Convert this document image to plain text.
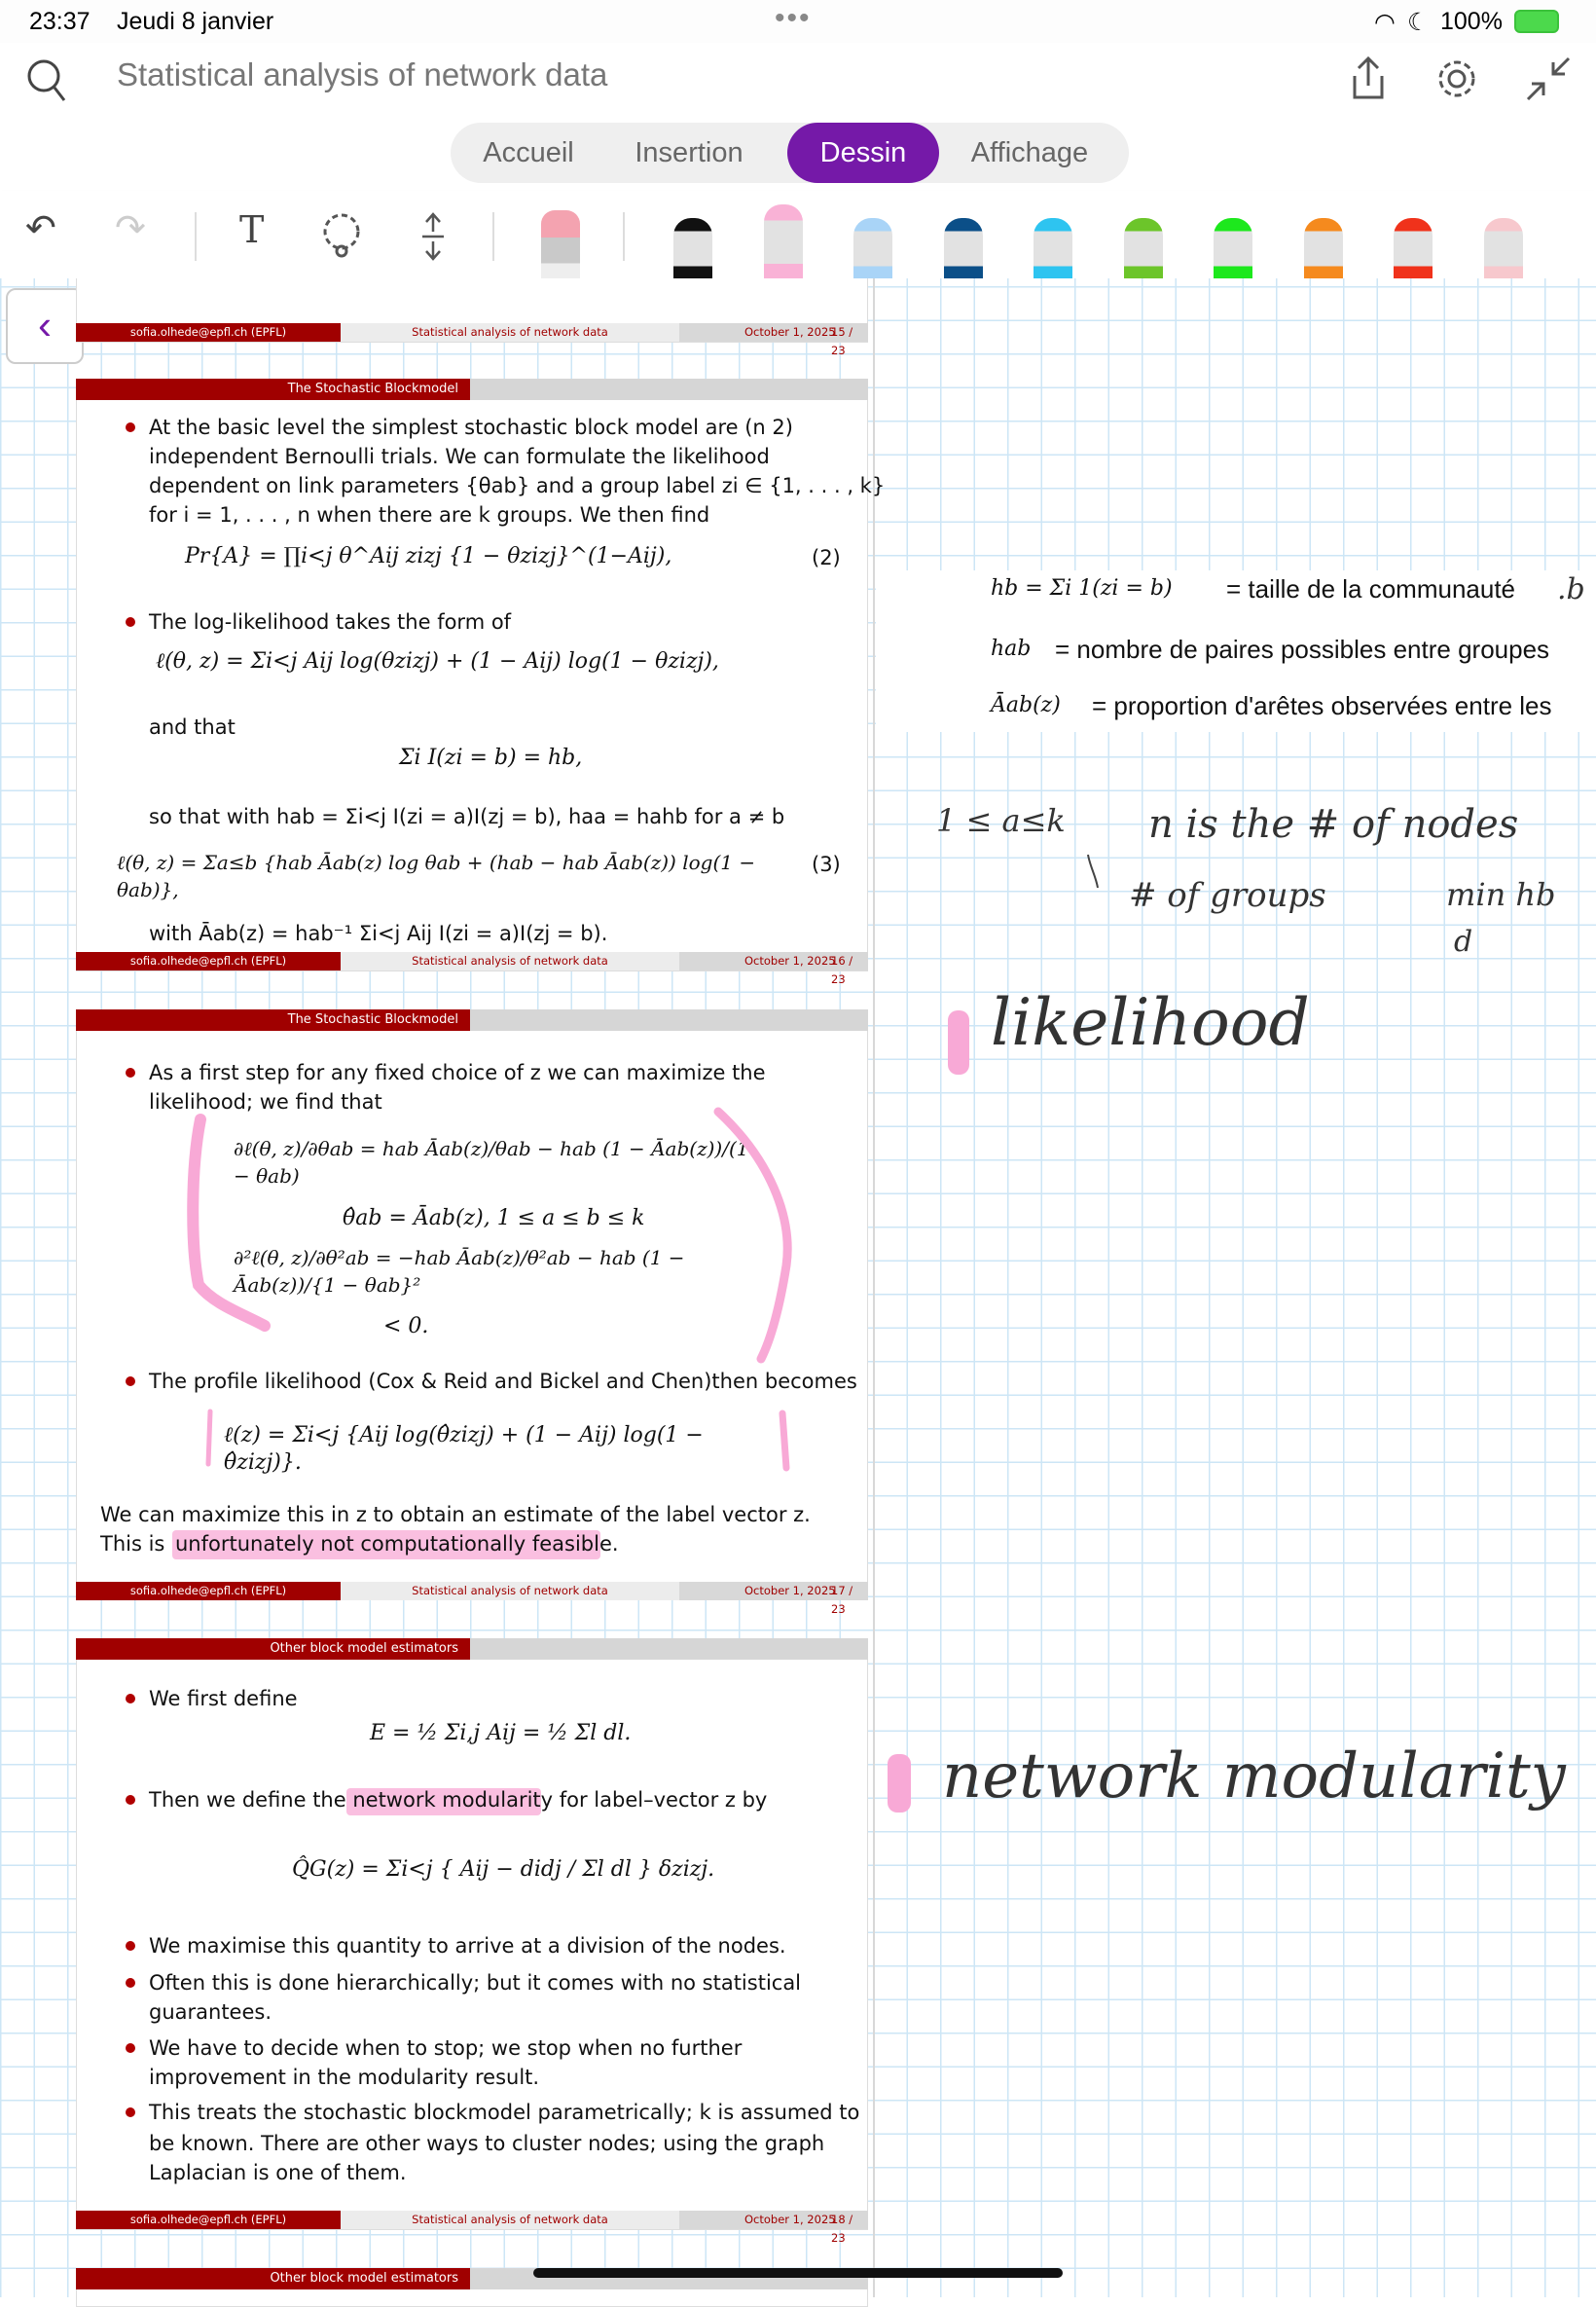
23:37 Jeudi 8 janvier	•••	◠ ☾ 100%
Statistical analysis of network data
Accueil	Insertion	Dessin	Affichage
↶ ↷	T
‹	sofia.olhede@epfl.ch (EPFL)	Statistical analysis of network data	October 1, 2025
15 / 23
The Stochastic Blockmodel
At the basic level the simplest stochastic block model are (n 2)
independent Bernoulli trials. We can formulate the likelihood
dependent on link parameters {θab} and a group label zi ∈ {1, . . . , k}
for i = 1, . . . , n when there are k groups. We then find
Pr{A} = ∏i<j θ^Aij zizj {1 − θzizj}^(1−Aij),	(2)
The log-likelihood takes the form of
ℓ(θ, z) = Σi<j Aij log(θzizj) + (1 − Aij) log(1 − θzizj),
and that
Σi I(zi = b) = hb,
so that with hab = Σi<j I(zi = a)I(zj = b), haa = hahb for a ≠ b
ℓ(θ, z) = Σa≤b {hab Āab(z) log θab + (hab − hab Āab(z)) log(1 − θab)},
(3)
with Āab(z) = hab⁻¹ Σi<j Aij I(zi = a)I(zj = b).
sofia.olhede@epfl.ch (EPFL)	Statistical analysis of network data	October 1, 2025
16 / 23
The Stochastic Blockmodel
As a first step for any fixed choice of z we can maximize the
likelihood; we find that
∂ℓ(θ, z)/∂θab = hab Āab(z)/θab − hab (1 − Āab(z))/(1 − θab)
θ̂ab = Āab(z), 1 ≤ a ≤ b ≤ k
∂²ℓ(θ, z)/∂θ²ab = −hab Āab(z)/θ²ab − hab (1 − Āab(z))/{1 − θab}²
< 0.
The profile likelihood (Cox & Reid and Bickel and Chen)then becomes
ℓ(z) = Σi<j {Aij log(θ̂zizj) + (1 − Aij) log(1 − θ̂zizj)}.
We can maximize this in z to obtain an estimate of the label vector z.
This is unfortunately not computationally feasible.
sofia.olhede@epfl.ch (EPFL)	Statistical analysis of network data	October 1, 2025
17 / 23
Other block model estimators
We first define
E = ½ Σi,j Aij = ½ Σl dl.
Then we define the network modularity for label–vector z by
Q̂G(z) = Σi<j { Aij − didj / Σl dl } δzizj.
We maximise this quantity to arrive at a division of the nodes.
Often this is done hierarchically; but it comes with no statistical
guarantees.
We have to decide when to stop; we stop when no further
improvement in the modularity result.
This treats the stochastic blockmodel parametrically; k is assumed to
be known. There are other ways to cluster nodes; using the graph
Laplacian is one of them.
sofia.olhede@epfl.ch (EPFL)	Statistical analysis of network data	October 1, 2025
18 / 23
Other block model estimators
hb = Σi 1(zi = b) = taille de la communauté
hab = nombre de paires possibles entre groupes
Āab(z) = proportion d'arêtes observées entre les
.b
1 ≤ a≤k n is the # of nodes
# of groups	min hb
d
likelihood
network modularity
